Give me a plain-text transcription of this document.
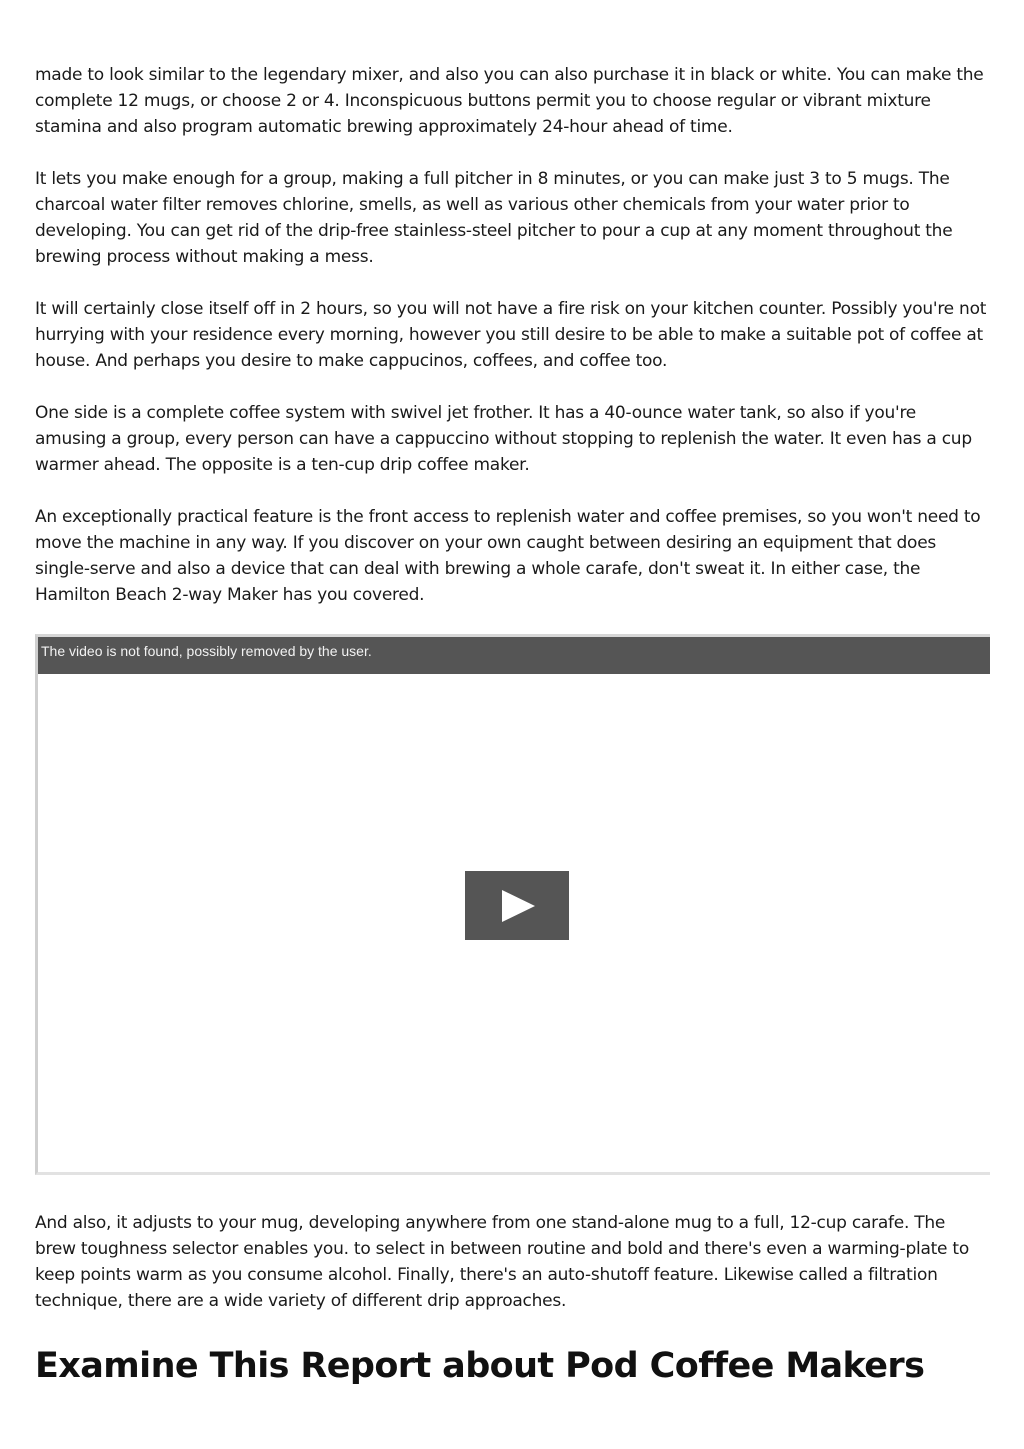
made to look similar to the legendary mixer, and also you can also purchase it in black or white. You can make the complete 12 mugs, or choose 2 or 4. Inconspicuous buttons permit you to choose regular or vibrant mixture stamina and also program automatic brewing approximately 24-hour ahead of time.

It lets you make enough for a group, making a full pitcher in 8 minutes, or you can make just 3 to 5 mugs. The charcoal water filter removes chlorine, smells, as well as various other chemicals from your water prior to developing. You can get rid of the drip-free stainless-steel pitcher to pour a cup at any moment throughout the brewing process without making a mess.

It will certainly close itself off in 2 hours, so you will not have a fire risk on your kitchen counter. Possibly you're not hurrying with your residence every morning, however you still desire to be able to make a suitable pot of coffee at house. And perhaps you desire to make cappucinos, coffees, and coffee too.

One side is a complete coffee system with swivel jet frother. It has a 40-ounce water tank, so also if you're amusing a group, every person can have a cappuccino without stopping to replenish the water. It even has a cup warmer ahead. The opposite is a ten-cup drip coffee maker.

An exceptionally practical feature is the front access to replenish water and coffee premises, so you won't need to move the machine in any way. If you discover on your own caught between desiring an equipment that does single-serve and also a device that can deal with brewing a whole carafe, don't sweat it. In either case, the Hamilton Beach 2-way Maker has you covered.

The video is not found, possibly removed by the user.

And also, it adjusts to your mug, developing anywhere from one stand-alone mug to a full, 12-cup carafe. The brew toughness selector enables you. to select in between routine and bold and there's even a warming-plate to keep points warm as you consume alcohol. Finally, there's an auto-shutoff feature. Likewise called a filtration technique, there are a wide variety of different drip approaches.

Examine This Report about Pod Coffee Makers
